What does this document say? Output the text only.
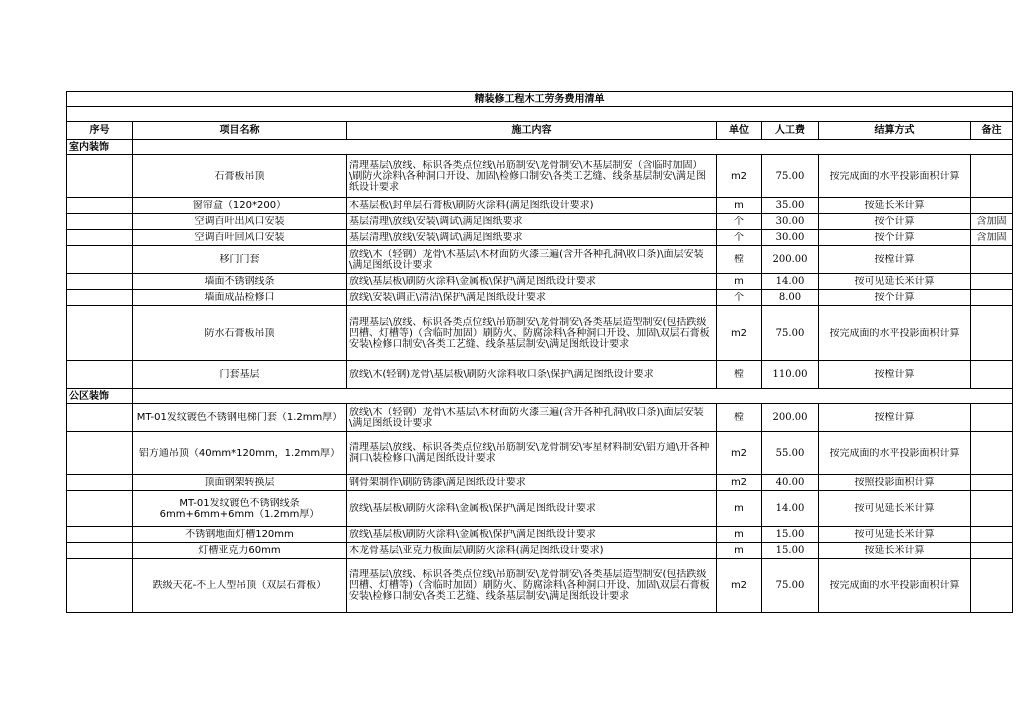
精装修工程木工劳务费用清单						

序号	项目名称	施工内容	单位	人工费	结算方式	备注
室内装饰						

	石膏板吊顶	清理基层\放线、标识各类点位线\吊筋制安\龙骨制安\木基层制安（含临时加固）\刷防火涂料\各种洞口开设、加固\检修口制安\各类工艺缝、线条基层制安\满足图纸设计要求	m2	75.00	按完成面的水平投影面积计算	

	窗帘盒（120*200）	木基层板\封单层石膏板\刷防火涂料(满足图纸设计要求)	m	35.00	按延长米计算	

	空调百叶出风口安装	基层清理\放线\安装\调试\满足图纸要求	个	30.00	按个计算	含加固

	空调百叶回风口安装	基层清理\放线\安装\调试\满足图纸要求	个	30.00	按个计算	含加固

	移门门套	放线\木（轻钢）龙骨\木基层\木材面防火漆三遍(含开各种孔洞\收口条)\面层安装\满足图纸设计要求	樘	200.00	按樘计算	

	墙面不锈钢线条	放线\基层板\刷防火涂料\金属板\保护\满足图纸设计要求	m	14.00	按可见延长米计算	

	墙面成品检修口	放线\安装\调正\清洁\保护\满足图纸设计要求	个	8.00	按个计算	

	防水石膏板吊顶	清理基层\放线、标识各类点位线\吊筋制安\龙骨制安\各类基层造型制安(包括跌级凹槽、灯槽等)（含临时加固）刷防火、防腐涂料\各种洞口开设、加固\双层石膏板安装\检修口制安\各类工艺缝、线条基层制安\满足图纸设计要求	m2	75.00	按完成面的水平投影面积计算	

	门套基层	放线\木(轻钢)龙骨\基层板\刷防火涂料收口条\保护\满足图纸设计要求	樘	110.00	按樘计算	

公区装饰						

	MT-01发纹镀色不锈钢电梯门套（1.2mm厚）	放线\木（轻钢）龙骨\木基层\木材面防火漆三遍(含开各种孔洞\收口条)\面层安装\满足图纸设计要求	樘	200.00	按樘计算	

	铝方通吊顶（40mm*120mm，1.2mm厚）	清理基层\放线、标识各类点位线\吊筋制安\龙骨制安\零星材料制安\铝方通\开各种洞口\装检修口\满足图纸设计要求	m2	55.00	按完成面的水平投影面积计算	

	顶面钢架转换层	钢骨架制作\刷防锈漆\满足图纸设计要求	m2	40.00	按照投影面积计算	

	MT-01发纹镀色不锈钢线条 6mm+6mm+6mm（1.2mm厚）	放线\基层板\刷防火涂料\金属板\保护\满足图纸设计要求	m	14.00	按可见延长米计算	

	不锈钢地面灯槽120mm	放线\基层板\刷防火涂料\金属板\保护\满足图纸设计要求	m	15.00	按可见延长米计算	

	灯槽亚克力60mm	木龙骨基层\亚克力板面层\刷防火涂料(满足图纸设计要求)	m	15.00	按延长米计算	

	跌级天花-不上人型吊顶（双层石膏板）	清理基层\放线、标识各类点位线\吊筋制安\龙骨制安\各类基层造型制安(包括跌级凹槽、灯槽等)（含临时加固）刷防火、防腐涂料\各种洞口开设、加固\双层石膏板安装\检修口制安\各类工艺缝、线条基层制安\满足图纸设计要求	m2	75.00	按完成面的水平投影面积计算	
